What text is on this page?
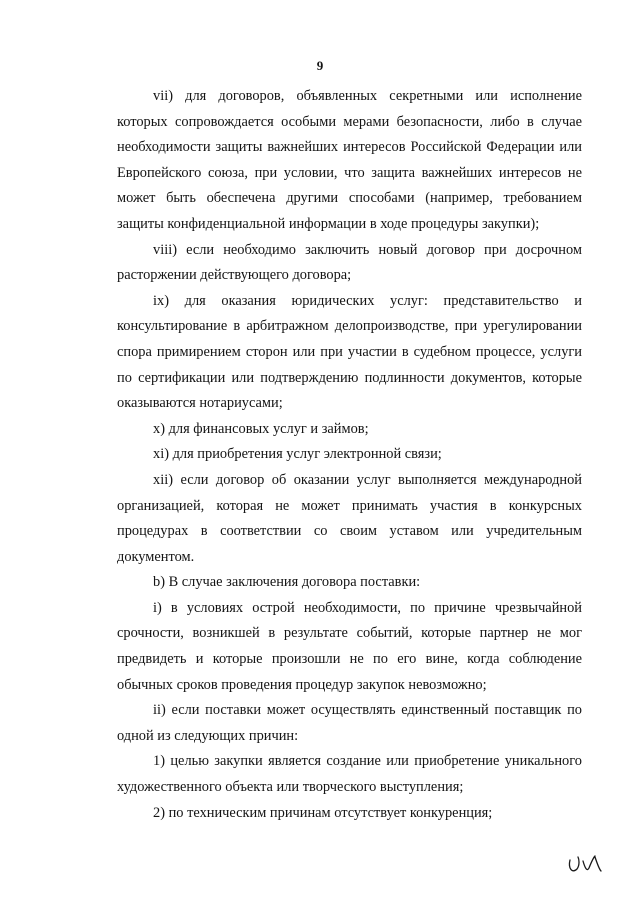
9

vii) для договоров, объявленных секретными или исполнение которых сопровождается особыми мерами безопасности, либо в случае необходимости защиты важнейших интересов Российской Федерации или Европейского союза, при условии, что защита важнейших интересов не может быть обеспечена другими способами (например, требованием защиты конфиденциальной информации в ходе процедуры закупки);

viii) если необходимо заключить новый договор при досрочном расторжении действующего договора;

ix) для оказания юридических услуг: представительство и консультирование в арбитражном делопроизводстве, при урегулировании спора примирением сторон или при участии в судебном процессе, услуги по сертификации или подтверждению подлинности документов, которые оказываются нотариусами;

x) для финансовых услуг и займов;

xi) для приобретения услуг электронной связи;

xii) если договор об оказании услуг выполняется международной организацией, которая не может принимать участия в конкурсных процедурах в соответствии со своим уставом или учредительным документом.

b) В случае заключения договора поставки:

i) в условиях острой необходимости, по причине чрезвычайной срочности, возникшей в результате событий, которые партнер не мог предвидеть и которые произошли не по его вине, когда соблюдение обычных сроков проведения процедур закупок невозможно;

ii) если поставки может осуществлять единственный поставщик по одной из следующих причин:

1) целью закупки является создание или приобретение уникального художественного объекта или творческого выступления;

2) по техническим причинам отсутствует конкуренция;
